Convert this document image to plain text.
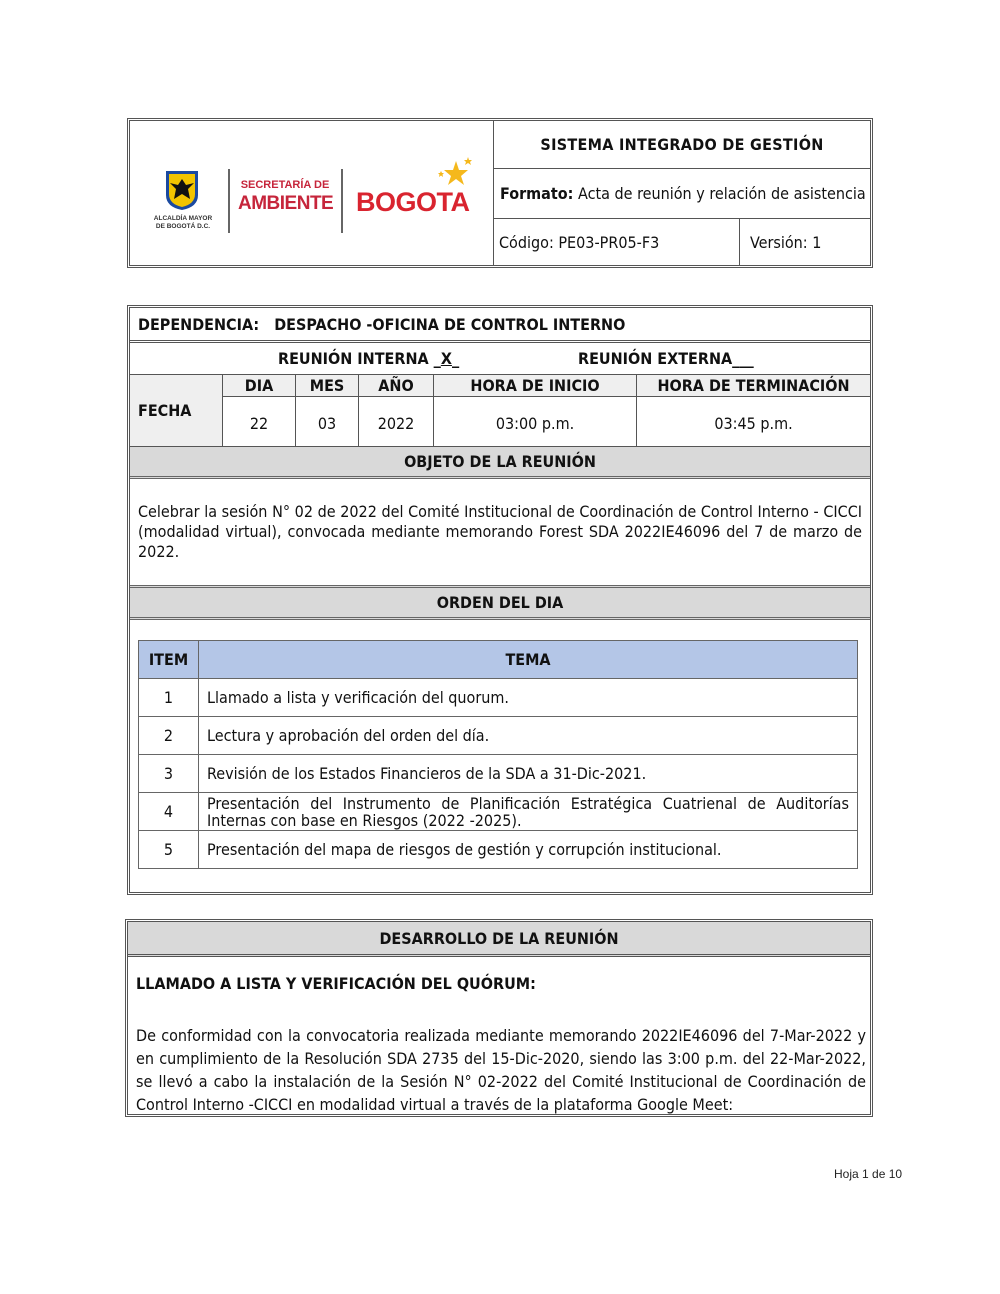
ALCALDÍA MAYOR
DE BOGOTÁ D.C.
SECRETARÍA DE
AMBIENTE BOGOTA
SISTEMA INTEGRADO DE GESTIÓN
Formato:
Acta de reunión y relación de asistencia
Código: PE03-PR05-F3	Versión: 1
DEPENDENCIA:
DESPACHO -OFICINA DE CONTROL INTERNO
REUNIÓN INTERNA _X_	REUNIÓN EXTERNA___
FECHA
DIA	MES	AÑO	HORA DE INICIO	HORA DE TERMINACIÓN
22	03	2022	03:00 p.m.	03:45 p.m.
OBJETO DE LA REUNIÓN
Celebrar la sesión N° 02 de 2022 del Comité Institucional de Coordinación de Control Interno - CICCI (modalidad virtual), convocada mediante memorando Forest SDA 2022IE46096 del 7 de marzo de 2022.
ORDEN DEL DIA
ITEM	TEMA
1	Llamado a lista y verificación del quorum.
2	Lectura y aprobación del orden del día.
3	Revisión de los Estados Financieros de la SDA a 31-Dic-2021.
4	Presentación del Instrumento de Planificación Estratégica Cuatrienal de Auditorías Internas con base en Riesgos (2022 -2025).
5	Presentación del mapa de riesgos de gestión y corrupción institucional.
DESARROLLO DE LA REUNIÓN
LLAMADO A LISTA Y VERIFICACIÓN DEL QUÓRUM:
De conformidad con la convocatoria realizada mediante memorando 2022IE46096 del 7-Mar-2022 y en cumplimiento de la Resolución SDA 2735 del 15-Dic-2020, siendo las 3:00 p.m. del 22-Mar-2022, se llevó a cabo la instalación de la Sesión N° 02-2022 del Comité Institucional de Coordinación de Control Interno -CICCI en modalidad virtual a través de la plataforma Google Meet:
Hoja 1 de 10
